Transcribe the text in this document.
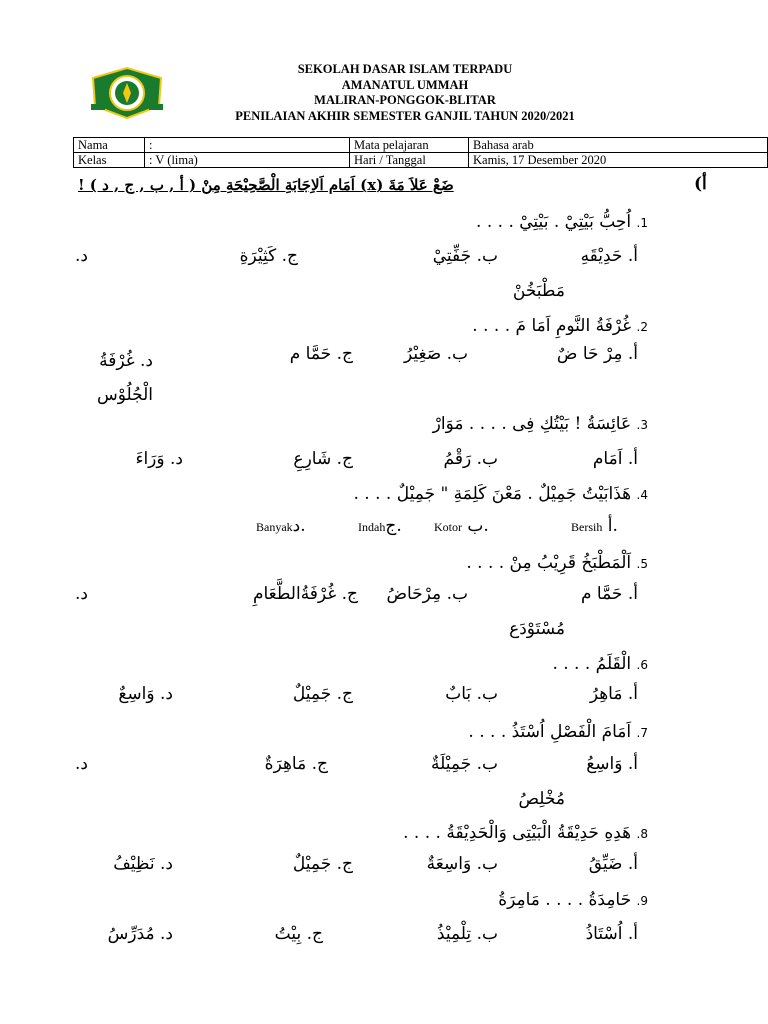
SEKOLAH DASAR ISLAM TERPADU
AMANATUL UMMAH
MALIRAN-PONGGOK-BLITAR
PENILAIAN AKHIR SEMESTER GANJIL TAHUN 2020/2021
Nama	:	Mata pelajaran	Bahasa arab
Kelas	: V (lima)	Hari / Tanggal	Kamis, 17 Desember 2020
أ)
ضَعْ عَلاَ مَةَ (x) اَمَام اَلاِجَابَةِ الْصَّحِيْحَةِ مِنْ ( أ , ب , ج , د ) !
1. اُحِبُّ بَيْتِيْ . بَيْتِيْ . . . .
أ. حَدِيْقَهِ
ب. جَفِّتِيْ
ج. كَثِيْرَةِ
د.
مَطْبَخُنْ
2. غُرْفَةُ النَّومِ اَمَا مَ . . . .
أ. مِرْ حَا ضٌ
ب. صَغِيْرُ
ج. حَمَّا م
د. غُرْفَةُ الْجُلُوْس
3. عَائِسَةُ ! بَيْتُكِ فِى . . . . مَوَارْ
أ. اَمَام
ب. رَقْمُ
ج. شَارِعِ
د. وَرَاءَ
4. هَذَابَيْتُ جَمِيْلٌ . مَعْنَ كَلِمَةِ " جَمِيْلٌ . . . .
Bersih أ.
Kotor ب.
Indahج.
Banyakد.
5. اَلْمَطْبَخُ قَرِيْبُ مِنْ . . . .
أ. حَمَّا م
ب. مِرْحَاضُ
ج. غُرْفَةُالطَّعَامِ
د.
مُسْتَوْدَع
6. الْقَلَمُ . . . .
أ. مَاهِرُ
ب. بَابٌ
ج. جَمِيْلٌ
د. وَاسِعٌ
7. اَمَامَ الْفَصْلِ اُسْتَذُ . . . .
أ. وَاسِعُ
ب. جَمِيْلَةٌ
ج. مَاهِرَةٌ
د.
مُخْلِصُ
8. هَدِهِ حَدِيْقَةُ الْبَيْتِى وَالْحَدِيْقَةُ . . . .
أ. ضَيِّقُ
ب. وَاسِعَةٌ
ج. جَمِيْلٌ
د. نَظِيْفُ
9. حَامِدَةُ . . . . مَامِرَةُ
أ. اُسْتَاذُ
ب. تِلْمِيْذُ
ج. بِيْتُ
د. مُدَرِّسُ
